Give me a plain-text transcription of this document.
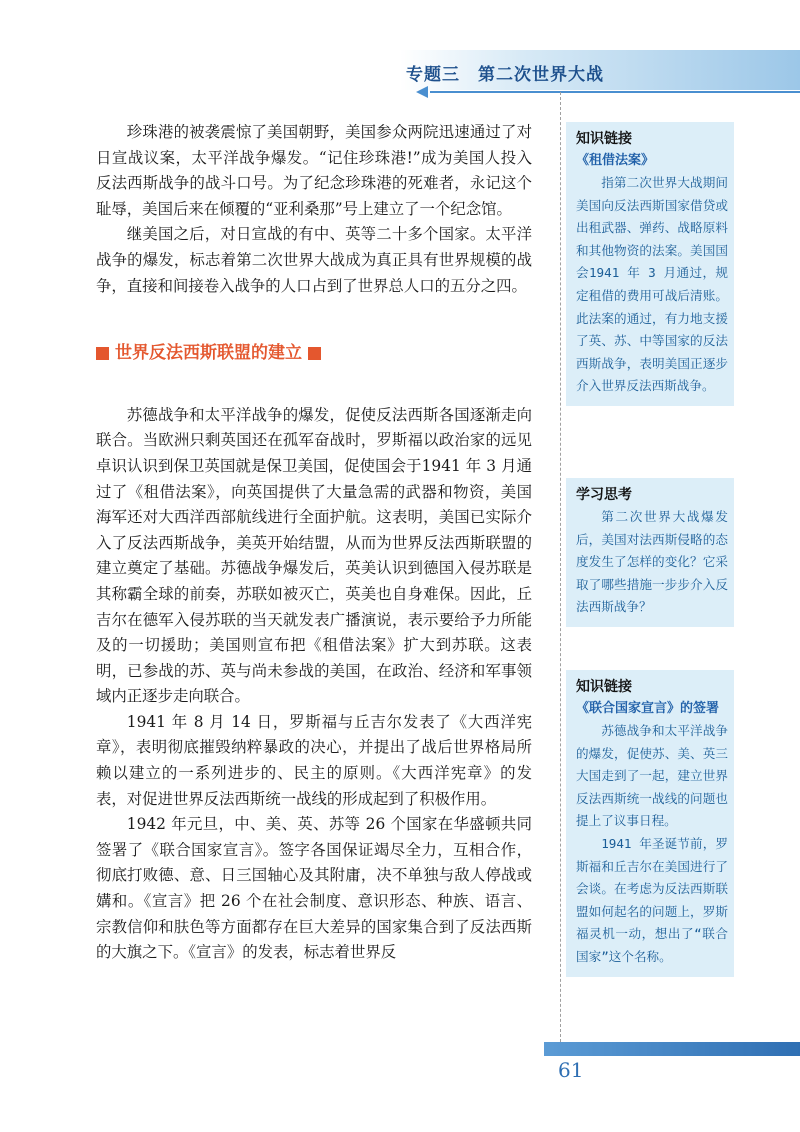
专题三　第二次世界大战

珍珠港的被袭震惊了美国朝野，美国参众两院迅速通过了对日宣战议案，太平洋战争爆发。“记住珍珠港!”成为美国人投入反法西斯战争的战斗口号。为了纪念珍珠港的死难者，永记这个耻辱，美国后来在倾覆的“亚利桑那”号上建立了一个纪念馆。

继美国之后，对日宣战的有中、英等二十多个国家。太平洋战争的爆发，标志着第二次世界大战成为真正具有世界规模的战争，直接和间接卷入战争的人口占到了世界总人口的五分之四。

世界反法西斯联盟的建立

苏德战争和太平洋战争的爆发，促使反法西斯各国逐渐走向联合。当欧洲只剩英国还在孤军奋战时，罗斯福以政治家的远见卓识认识到保卫英国就是保卫美国，促使国会于1941 年 3 月通过了《租借法案》，向英国提供了大量急需的武器和物资，美国海军还对大西洋西部航线进行全面护航。这表明，美国已实际介入了反法西斯战争，美英开始结盟，从而为世界反法西斯联盟的建立奠定了基础。苏德战争爆发后，英美认识到德国入侵苏联是其称霸全球的前奏，苏联如被灭亡，英美也自身难保。因此，丘吉尔在德军入侵苏联的当天就发表广播演说，表示要给予力所能及的一切援助；美国则宣布把《租借法案》扩大到苏联。这表明，已参战的苏、英与尚未参战的美国，在政治、经济和军事领域内正逐步走向联合。

1941 年 8 月 14 日，罗斯福与丘吉尔发表了《大西洋宪章》，表明彻底摧毁纳粹暴政的决心，并提出了战后世界格局所赖以建立的一系列进步的、民主的原则。《大西洋宪章》的发表，对促进世界反法西斯统一战线的形成起到了积极作用。

1942 年元旦，中、美、英、苏等 26 个国家在华盛顿共同签署了《联合国家宣言》。签字各国保证竭尽全力，互相合作，彻底打败德、意、日三国轴心及其附庸，决不单独与敌人停战或媾和。《宣言》把 26 个在社会制度、意识形态、种族、语言、宗教信仰和肤色等方面都存在巨大差异的国家集合到了反法西斯的大旗之下。《宣言》的发表，标志着世界反

知识链接
《租借法案》
指第二次世界大战期间美国向反法西斯国家借贷或出租武器、弹药、战略原料和其他物资的法案。美国国会1941 年 3 月通过，规定租借的费用可战后清账。此法案的通过，有力地支援了英、苏、中等国家的反法西斯战争，表明美国正逐步介入世界反法西斯战争。
学习思考
第二次世界大战爆发后，美国对法西斯侵略的态度发生了怎样的变化？它采取了哪些措施一步步介入反法西斯战争？
知识链接
《联合国家宣言》的签署
苏德战争和太平洋战争的爆发，促使苏、美、英三大国走到了一起，建立世界反法西斯统一战线的问题也提上了议事日程。
1941 年圣诞节前，罗斯福和丘吉尔在美国进行了会谈。在考虑为反法西斯联盟如何起名的问题上，罗斯福灵机一动，想出了“联合国家”这个名称。
61
